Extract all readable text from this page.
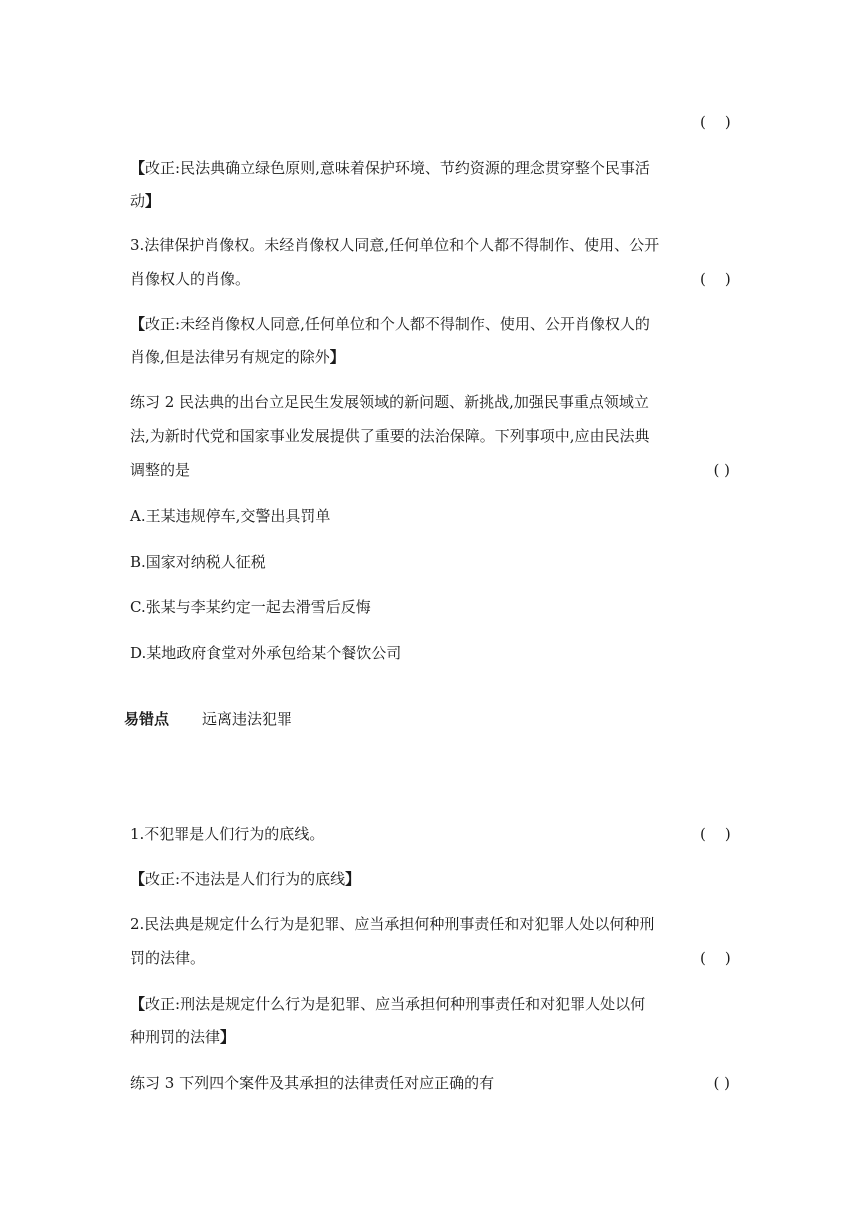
(    )
【改正:民法典确立绿色原则,意味着保护环境、节约资源的理念贯穿整个民事活
动】
3.法律保护肖像权。未经肖像权人同意,任何单位和个人都不得制作、使用、公开
肖像权人的肖像。	(    )
【改正:未经肖像权人同意,任何单位和个人都不得制作、使用、公开肖像权人的
肖像,但是法律另有规定的除外】
练习 2 民法典的出台立足民生发展领域的新问题、新挑战,加强民事重点领域立
法,为新时代党和国家事业发展提供了重要的法治保障。下列事项中,应由民法典
调整的是	( )
A.王某违规停车,交警出具罚单
B.国家对纳税人征税
C.张某与李某约定一起去滑雪后反悔
D.某地政府食堂对外承包给某个餐饮公司
易错点 远离违法犯罪
1.不犯罪是人们行为的底线。	(    )
【改正:不违法是人们行为的底线】
2.民法典是规定什么行为是犯罪、应当承担何种刑事责任和对犯罪人处以何种刑
罚的法律。	(    )
【改正:刑法是规定什么行为是犯罪、应当承担何种刑事责任和对犯罪人处以何
种刑罚的法律】
练习 3 下列四个案件及其承担的法律责任对应正确的有	( )
